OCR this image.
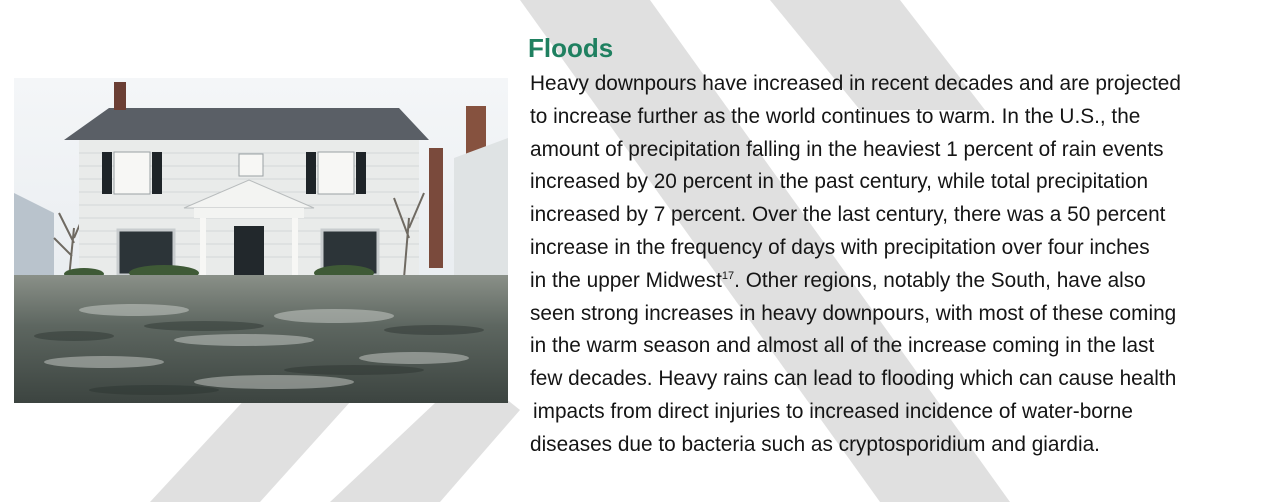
Floods
Heavy downpours have increased in recent decades and are projected
to increase further as the world continues to warm. In the U.S., the
amount of precipitation falling in the heaviest 1 percent of rain events
increased by 20 percent in the past century, while total precipitation
increased by 7 percent. Over the last century, there was a 50 percent
increase in the frequency of days with precipitation over four inches
in the upper Midwest$^{17}$. Other regions, notably the South, have also
seen strong increases in heavy downpours, with most of these coming
in the warm season and almost all of the increase coming in the last
few decades. Heavy rains can lead to flooding which can cause health
impacts from direct injuries to increased incidence of water-borne
diseases due to bacteria such as cryptosporidium and giardia.
